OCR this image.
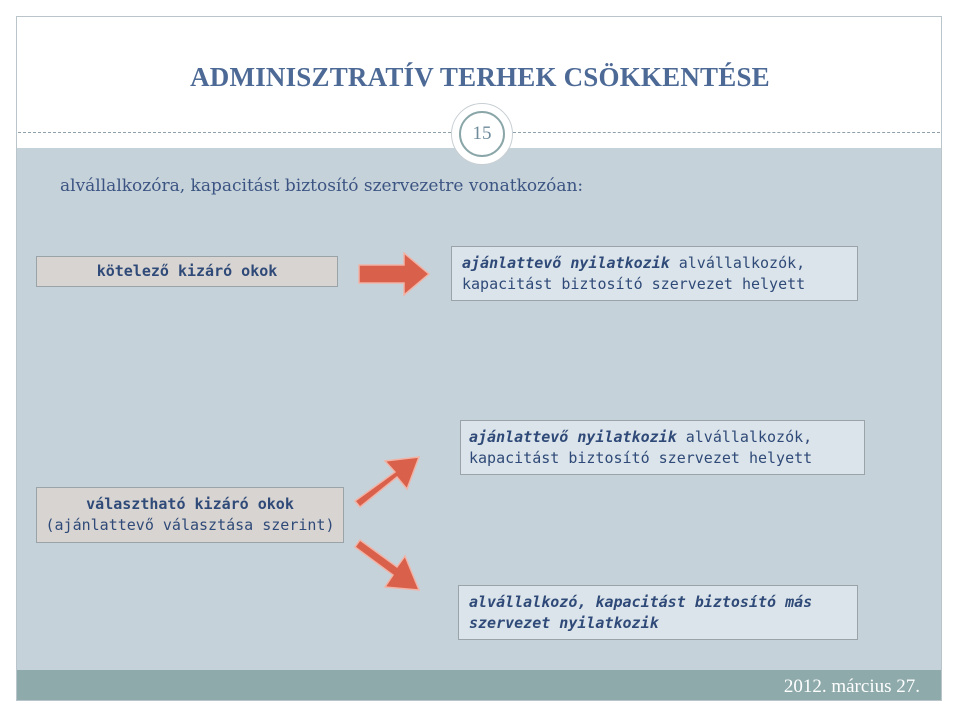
ADMINISZTRATÍV TERHEK CSÖKKENTÉSE
15
alvállalkozóra, kapacitást biztosító szervezetre vonatkozóan:
kötelező kizáró okok	ajánlattevő nyilatkozik alvállalkozók,
kapacitást biztosító szervezet helyett
választható kizáró okok
(ajánlattevő választása szerint)
ajánlattevő nyilatkozik alvállalkozók,
kapacitást biztosító szervezet helyett
alvállalkozó, kapacitást biztosító más
szervezet nyilatkozik
2012. március 27.
